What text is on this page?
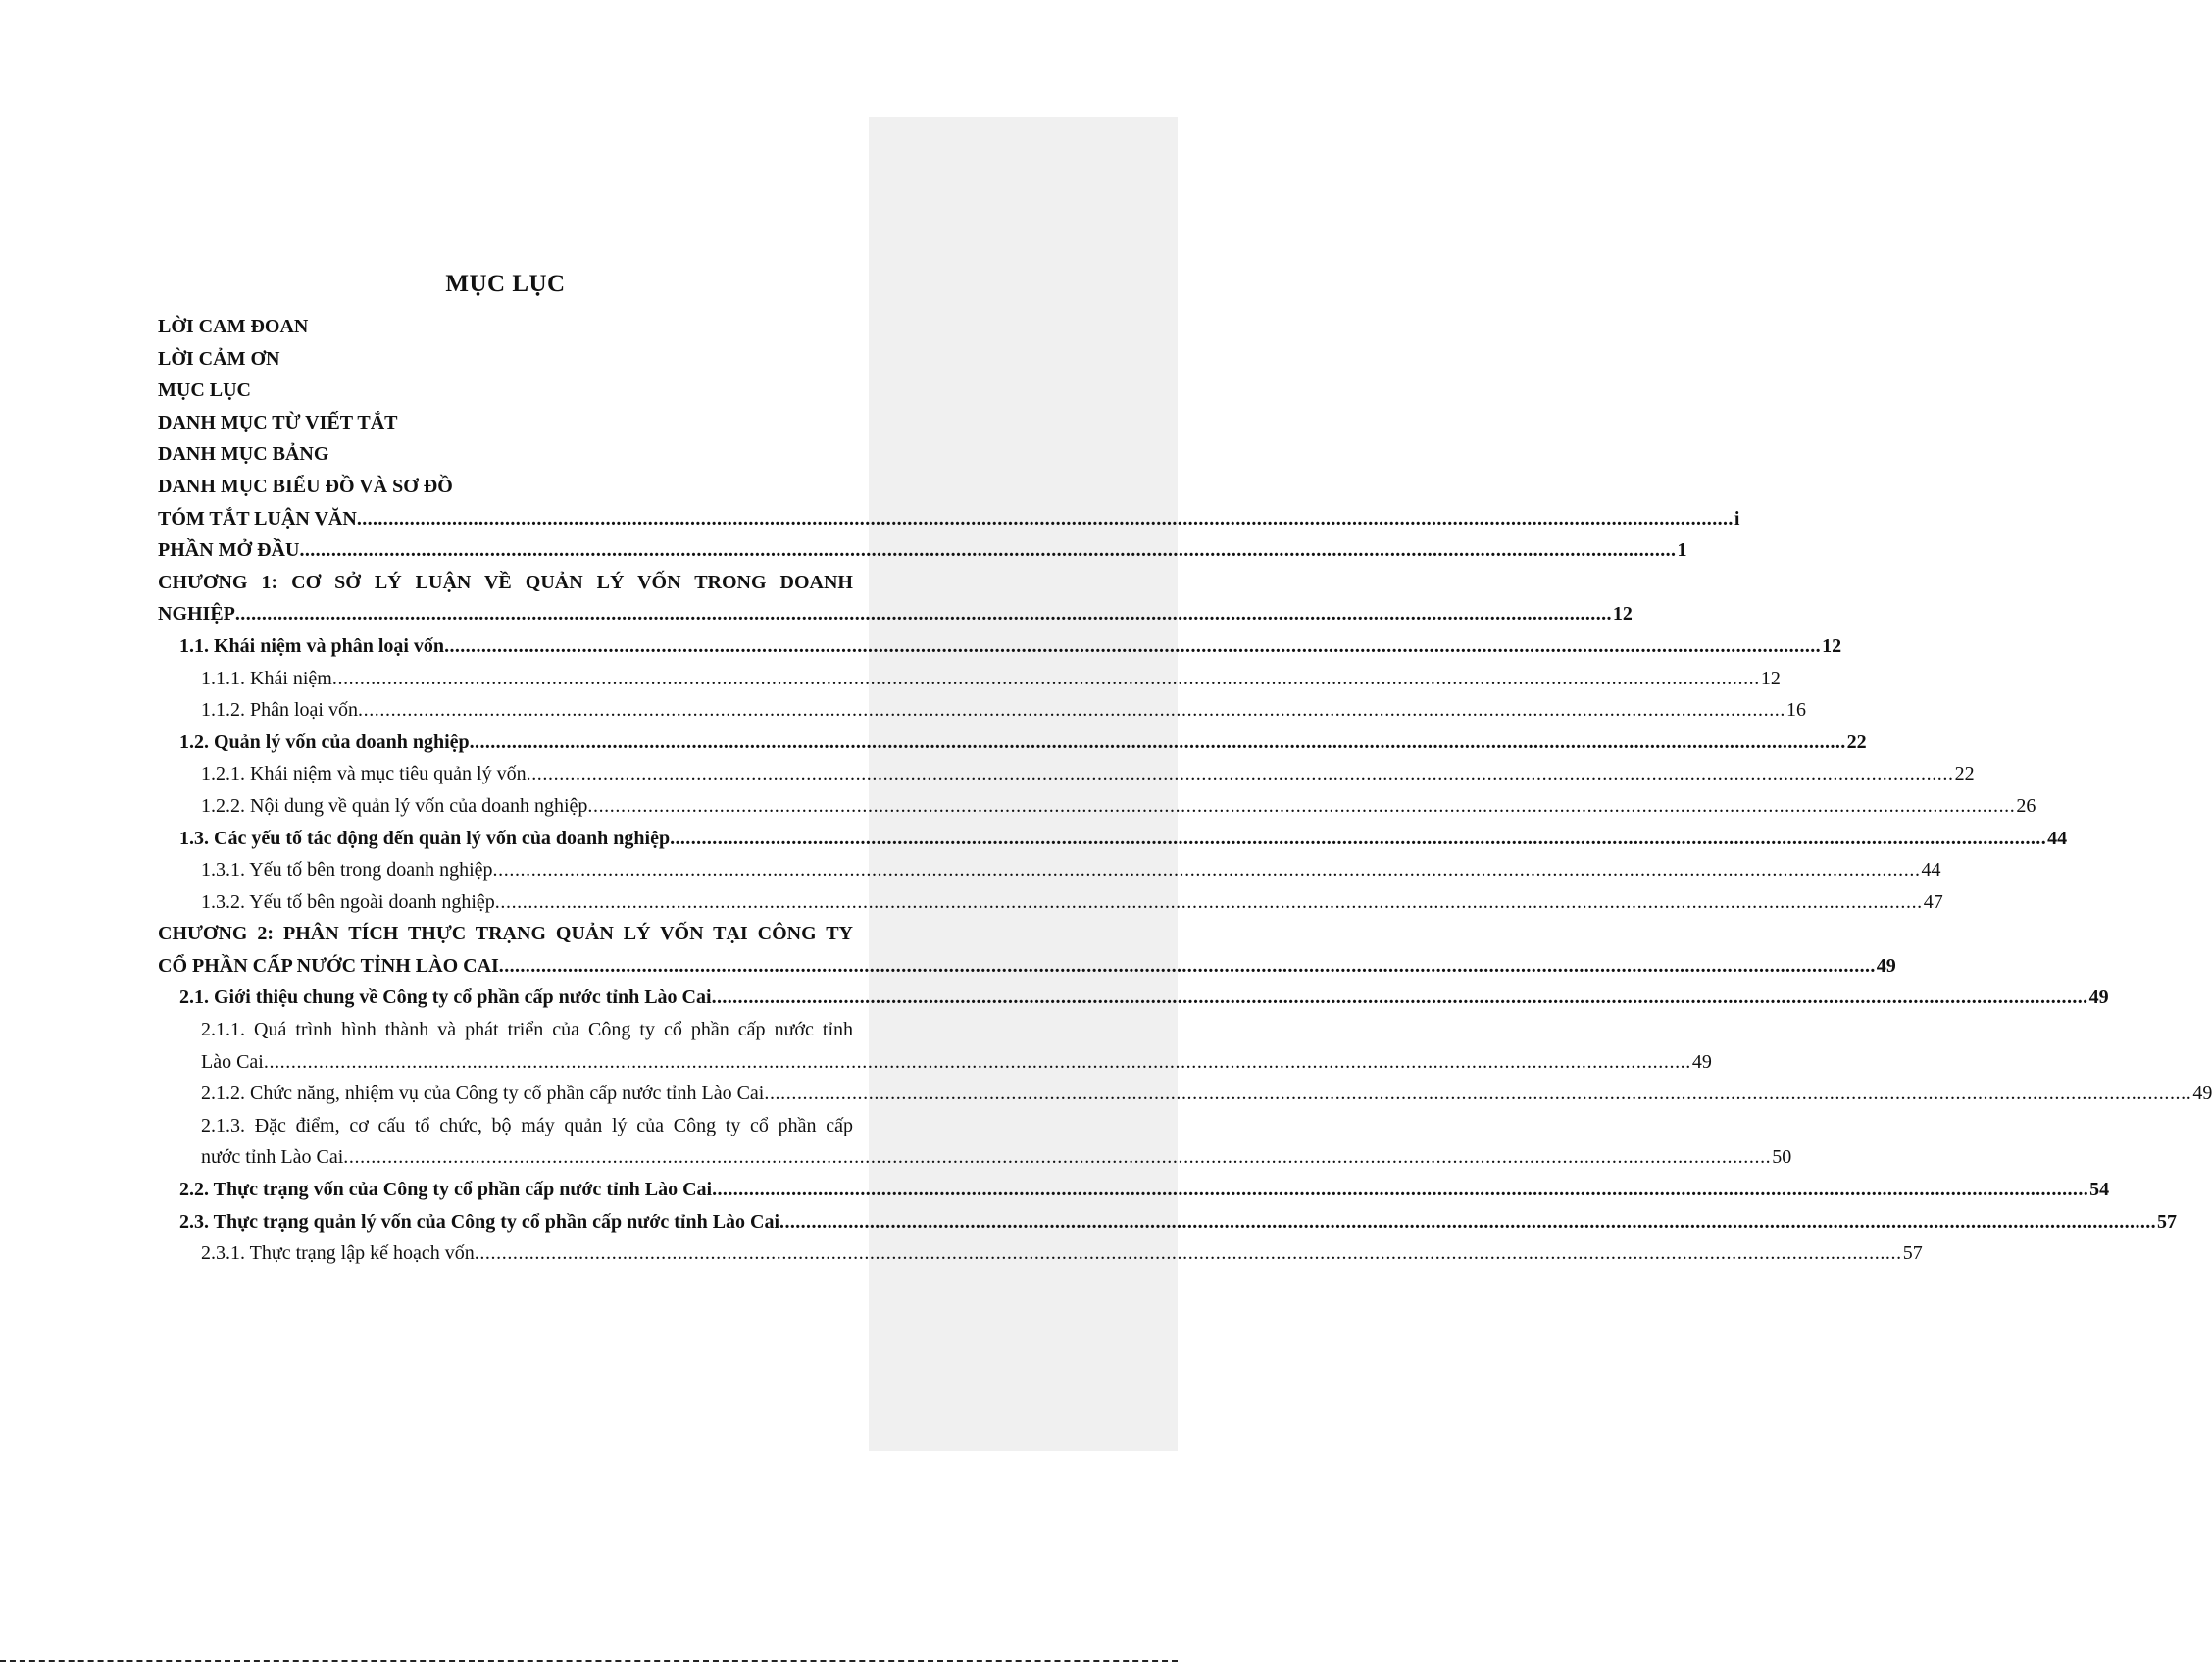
MỤC LỤC
LỜI CAM ĐOAN
LỜI CẢM ƠN
MỤC LỤC
DANH MỤC TỪ VIẾT TẮT
DANH MỤC BẢNG
DANH MỤC BIỂU ĐỒ VÀ SƠ ĐỒ
TÓM TẮT LUẬN VĂN .................................................................................................................................................................................................................................................................... i
PHẦN MỞ ĐẦU .................................................................................................................................................................................................................................................................... 1
CHƯƠNG 1: CƠ SỞ LÝ LUẬN VỀ QUẢN LÝ VỐN TRONG DOANH
NGHIỆP .................................................................................................................................................................................................................................................................... 12
1.1. Khái niệm và phân loại vốn .................................................................................................................................................................................................................................................................... 12
1.1.1. Khái niệm .................................................................................................................................................................................................................................................................... 12
1.1.2. Phân loại vốn .................................................................................................................................................................................................................................................................... 16
1.2. Quản lý vốn của doanh nghiệp .................................................................................................................................................................................................................................................................... 22
1.2.1. Khái niệm và mục tiêu quản lý vốn .................................................................................................................................................................................................................................................................... 22
1.2.2. Nội dung về quản lý vốn của doanh nghiệp .................................................................................................................................................................................................................................................................... 26
1.3. Các yếu tố tác động đến quản lý vốn của doanh nghiệp .................................................................................................................................................................................................................................................................... 44
1.3.1. Yếu tố bên trong doanh nghiệp .................................................................................................................................................................................................................................................................... 44
1.3.2. Yếu tố bên ngoài doanh nghiệp .................................................................................................................................................................................................................................................................... 47
CHƯƠNG 2: PHÂN TÍCH THỰC TRẠNG QUẢN LÝ VỐN TẠI CÔNG TY
CỔ PHẦN CẤP NƯỚC TỈNH LÀO CAI .................................................................................................................................................................................................................................................................... 49
2.1. Giới thiệu chung về Công ty cổ phần cấp nước tỉnh Lào Cai .................................................................................................................................................................................................................................................................... 49
2.1.1. Quá trình hình thành và phát triển của Công ty cổ phần cấp nước tỉnh
Lào Cai .................................................................................................................................................................................................................................................................... 49
2.1.2. Chức năng, nhiệm vụ của Công ty cổ phần cấp nước tỉnh Lào Cai .................................................................................................................................................................................................................................................................... 49
2.1.3. Đặc điểm, cơ cấu tổ chức, bộ máy quản lý của Công ty cổ phần cấp
nước tỉnh Lào Cai .................................................................................................................................................................................................................................................................... 50
2.2. Thực trạng vốn của Công ty cổ phần cấp nước tỉnh Lào Cai .................................................................................................................................................................................................................................................................... 54
2.3. Thực trạng quản lý vốn của Công ty cổ phần cấp nước tỉnh Lào Cai .................................................................................................................................................................................................................................................................... 57
2.3.1. Thực trạng lập kế hoạch vốn .................................................................................................................................................................................................................................................................... 57
